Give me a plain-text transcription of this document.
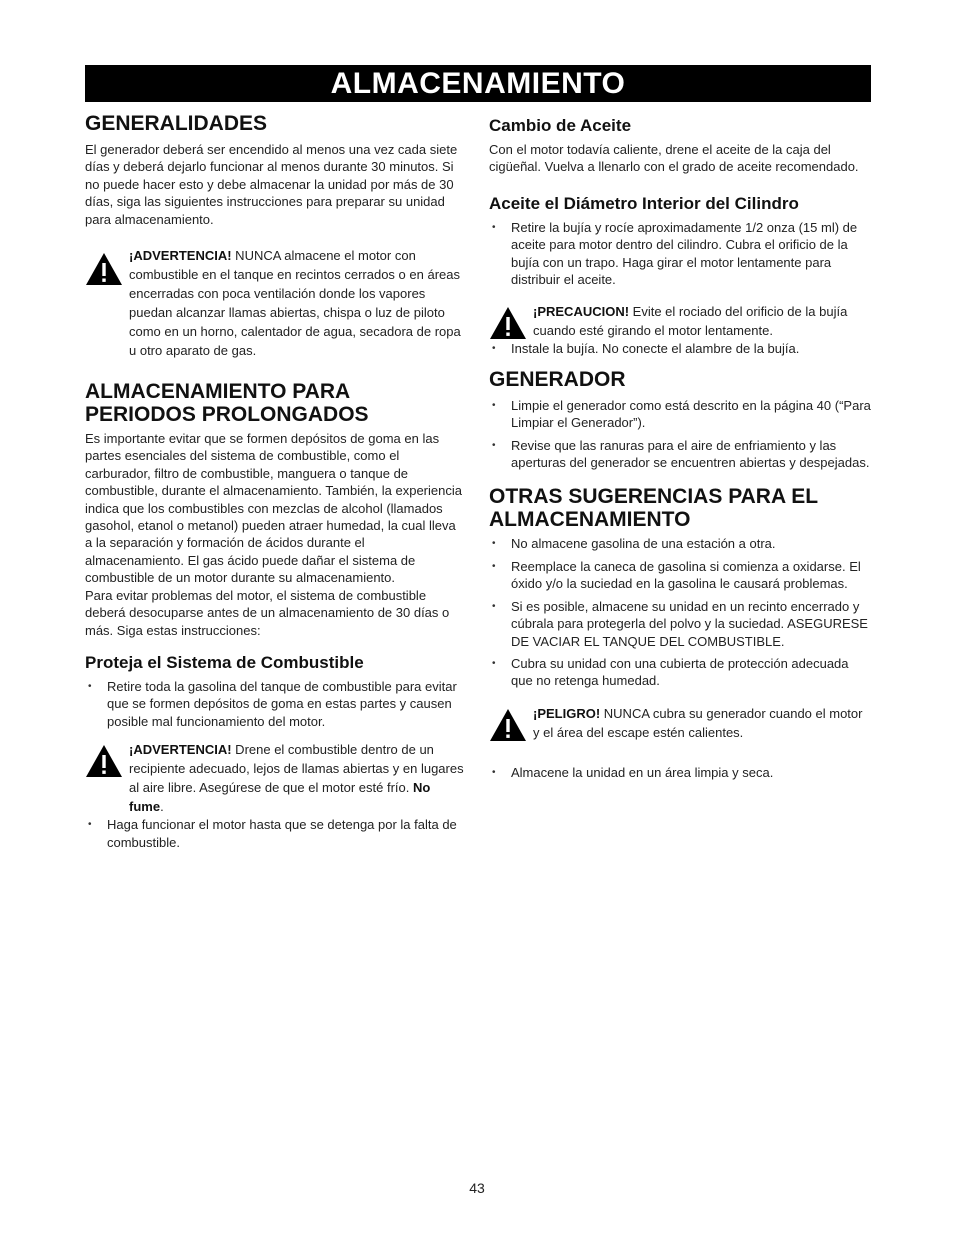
ALMACENAMIENTO
GENERALIDADES

El generador deberá ser encendido al menos una vez cada siete días y deberá dejarlo funcionar al menos durante 30 minutos. Si no puede hacer esto y debe almacenar la unidad por más de 30 días, siga las siguientes instrucciones para preparar su unidad para almacenamiento.

¡ADVERTENCIA! NUNCA almacene el motor con combustible en el tanque en recintos cerrados o en áreas encerradas con poca ventilación donde los vapores puedan alcanzar llamas abiertas, chispa o luz de piloto como en un horno, calentador de agua, secadora de ropa u otro aparato de gas.
ALMACENAMIENTO PARA
PERIODOS PROLONGADOS

Es importante evitar que se formen depósitos de goma en las partes esenciales del sistema de combustible, como el carburador, filtro de combustible, manguera o tanque de combustible, durante el almacenamiento. También, la experiencia indica que los combustibles con mezclas de alcohol (llamados gasohol, etanol o metanol) pueden atraer humedad, la cual lleva a la separación y formación de ácidos durante el almacenamiento. El gas ácido puede dañar el sistema de combustible de un motor durante su almacenamiento.

Para evitar problemas del motor, el sistema de combustible deberá desocuparse antes de un almacenamiento de 30 días o más. Siga estas instrucciones:

Proteja el Sistema de Combustible
• Retire toda la gasolina del tanque de combustible para evitar que se formen depósitos de goma en estas partes y causen posible mal funcionamiento del motor.
¡ADVERTENCIA! Drene el combustible dentro de un recipiente adecuado, lejos de llamas abiertas y en lugares al aire libre. Asegúrese de que el motor esté frío. No fume.
• Haga funcionar el motor hasta que se detenga por la falta de combustible.
Cambio de Aceite

Con el motor todavía caliente, drene el aceite de la caja del cigüeñal. Vuelva a llenarlo con el grado de aceite recomendado.

Aceite el Diámetro Interior del Cilindro
• Retire la bujía y rocíe aproximadamente 1/2 onza (15 ml) de aceite para motor dentro del cilindro. Cubra el orificio de la bujía con un trapo. Haga girar el motor lentamente para distribuir el aceite.
¡PRECAUCION! Evite el rociado del orificio de la bujía cuando esté girando el motor lentamente.
• Instale la bujía. No conecte el alambre de la bujía.
GENERADOR
• Limpie el generador como está descrito en la página 40 (“Para Limpiar el Generador”).
• Revise que las ranuras para el aire de enfriamiento y las aperturas del generador se encuentren abiertas y despejadas.
OTRAS SUGERENCIAS PARA EL
ALMACENAMIENTO
• No almacene gasolina de una estación a otra.
• Reemplace la caneca de gasolina si comienza a oxidarse. El óxido y/o la suciedad en la gasolina le causará problemas.
• Si es posible, almacene su unidad en un recinto encerrado y cúbrala para protegerla del polvo y la suciedad. ASEGURESE DE VACIAR EL TANQUE DEL COMBUSTIBLE.
• Cubra su unidad con una cubierta de protección adecuada que no retenga humedad.
¡PELIGRO! NUNCA cubra su generador cuando el motor y el área del escape estén calientes.
• Almacene la unidad en un área limpia y seca.
43
